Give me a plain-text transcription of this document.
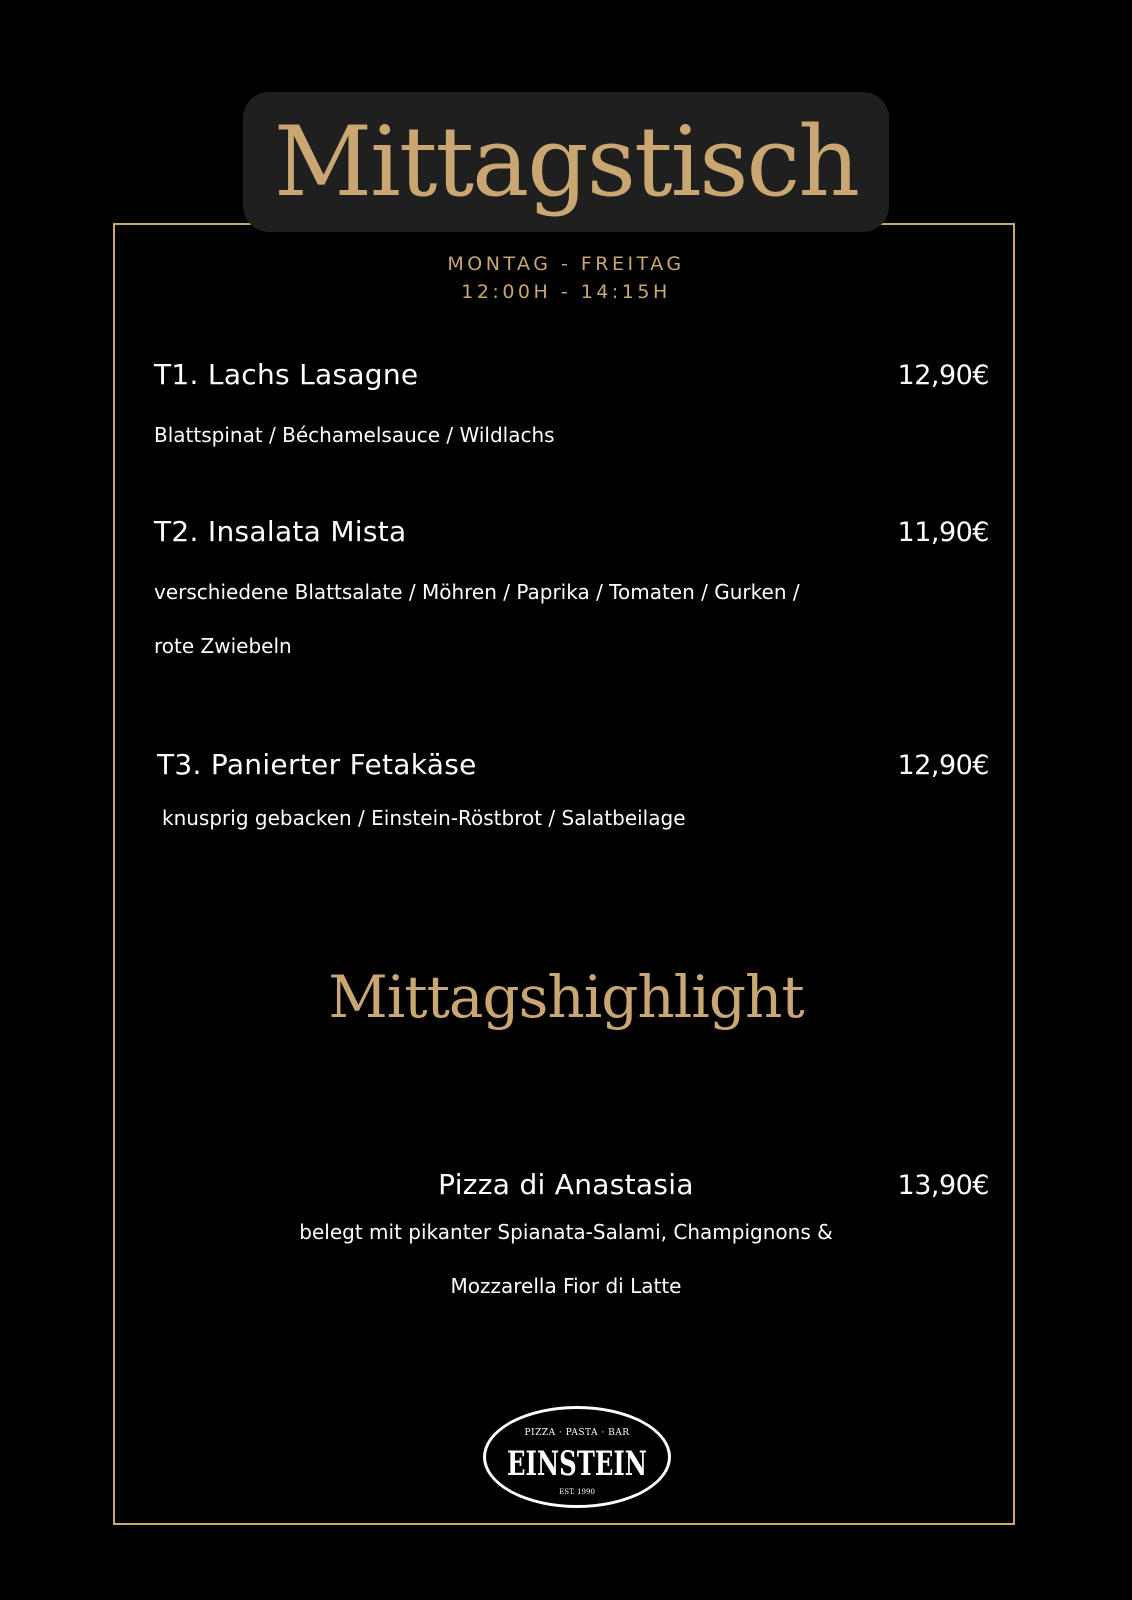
Mittagstisch
MONTAG - FREITAG
12:00H - 14:15H
T1. Lachs Lasagne	12,90€
Blattspinat / Béchamelsauce / Wildlachs
T2. Insalata Mista	11,90€
verschiedene Blattsalate / Möhren / Paprika / Tomaten / Gurken /
rote Zwiebeln
T3. Panierter Fetakäse	12,90€
knusprig gebacken / Einstein-Röstbrot / Salatbeilage
Mittagshighlight
Pizza di Anastasia	13,90€
belegt mit pikanter Spianata-Salami, Champignons &
Mozzarella Fior di Latte
PIZZA · PASTA · BAR
EINSTEIN
EST. 1990
